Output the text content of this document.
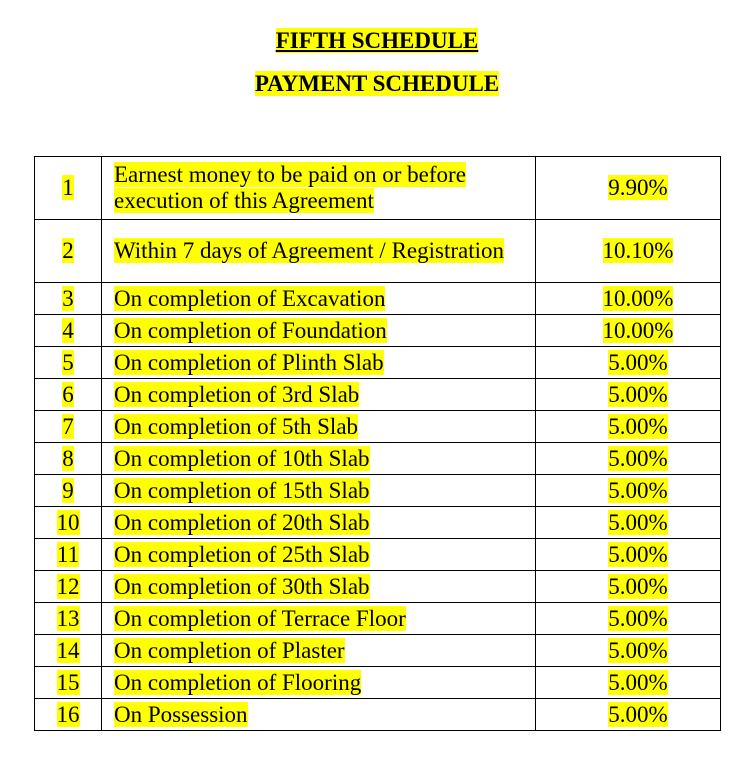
FIFTH SCHEDULE
PAYMENT SCHEDULE
1	Earnest money to be paid on or before execution of this Agreement	9.90%
2	Within 7 days of Agreement / Registration	10.10%
3	On completion of Excavation	10.00%
4	On completion of Foundation	10.00%
5	On completion of Plinth Slab	5.00%
6	On completion of 3rd Slab	5.00%
7	On completion of 5th Slab	5.00%
8	On completion of 10th Slab	5.00%
9	On completion of 15th Slab	5.00%
10	On completion of 20th Slab	5.00%
11	On completion of 25th Slab	5.00%
12	On completion of 30th Slab	5.00%
13	On completion of Terrace Floor	5.00%
14	On completion of Plaster	5.00%
15	On completion of Flooring	5.00%
16	On Possession	5.00%
